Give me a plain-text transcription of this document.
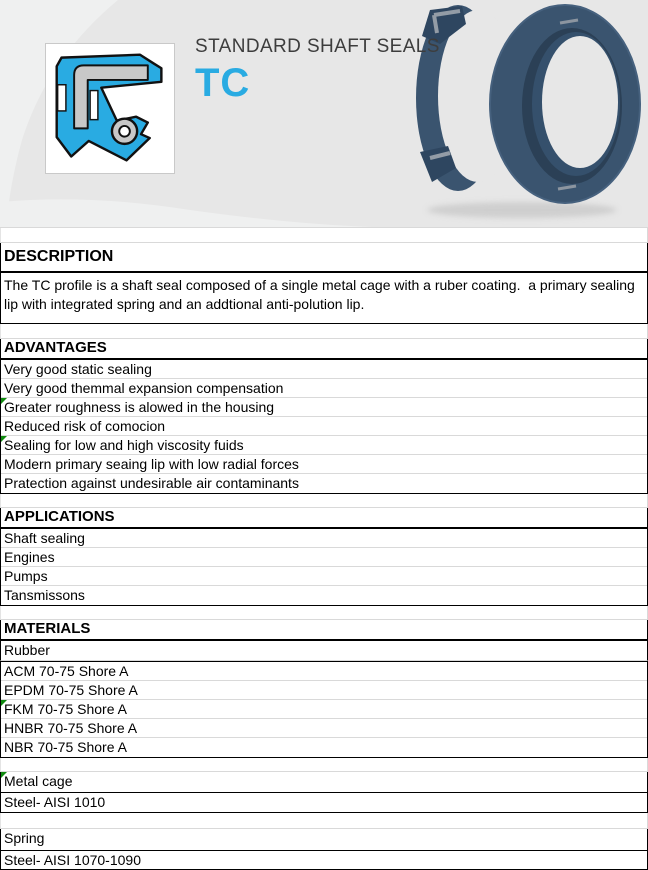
STANDARD SHAFT SEALS
TC
DESCRIPTION
The TC profile is a shaft seal composed of a single metal cage with a ruber coating.  a primary sealing lip with integrated spring and an addtional anti-polution lip.
ADVANTAGES
Very good static sealing
Very good themmal expansion compensation
Greater roughness is alowed in the housing
Reduced risk of comocion
Sealing for low and high viscosity fuids
Modern primary seaing lip with low radial forces
Pratection against undesirable air contaminants
APPLICATIONS
Shaft sealing
Engines
Pumps
Tansmissons
MATERIALS
Rubber
ACM 70-75 Shore A
EPDM 70-75 Shore A
FKM 70-75 Shore A
HNBR 70-75 Shore A
NBR 70-75 Shore A
Metal cage
Steel- AISI 1010
Spring
Steel- AISI 1070-1090
